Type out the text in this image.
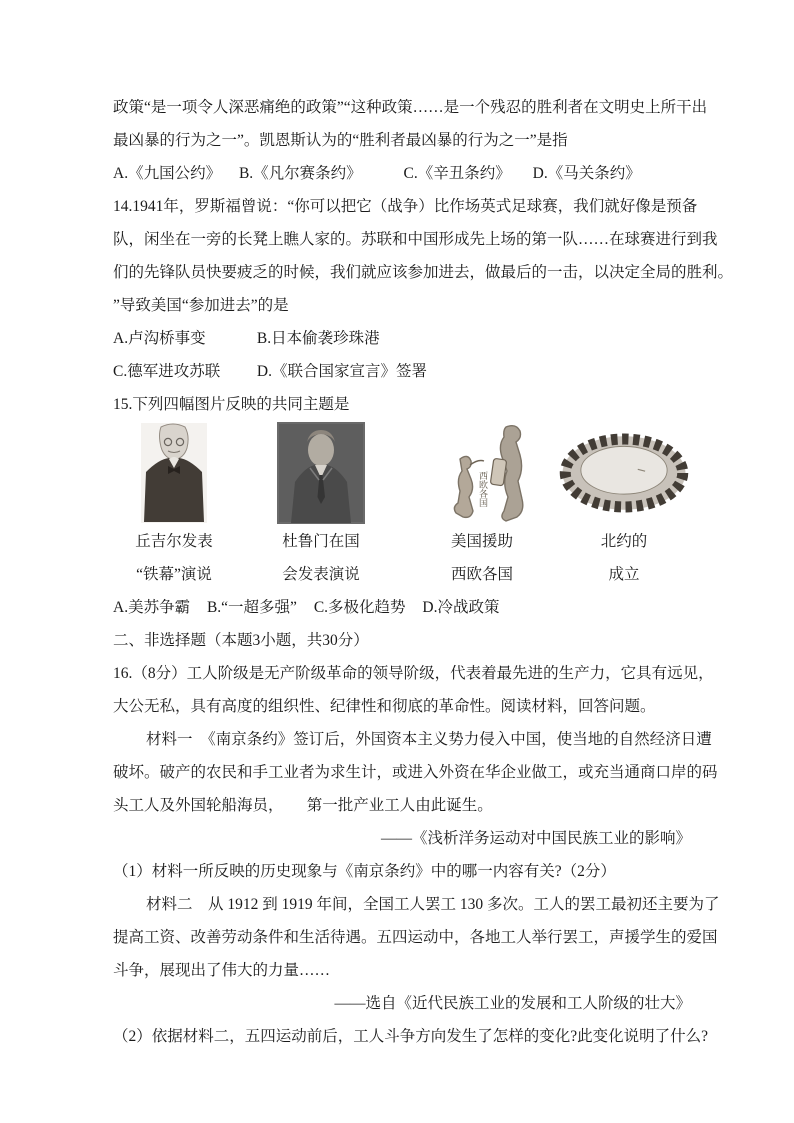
政策“是一项令人深恶痛绝的政策”“这种政策……是一个残忍的胜利者在文明史上所干出
最凶暴的行为之一”。凯恩斯认为的“胜利者最凶暴的行为之一”是指
A.《九国公约》 B.《凡尔赛条约》	C.《辛丑条约》 D.《马关条约》
14.1941年，罗斯福曾说：“你可以把它（战争）比作场英式足球赛，我们就好像是预备
队，闲坐在一旁的长凳上瞧人家的。苏联和中国形成先上场的第一队……在球赛进行到我
们的先锋队员快要疲乏的时候，我们就应该参加进去，做最后的一击，以决定全局的胜利。
”导致美国“参加进去”的是
A.卢沟桥事变	B.日本偷袭珍珠港
C.德军进攻苏联 D.《联合国家宣言》签署
15.下列四幅图片反映的共同主题是
西欧各国
丘吉尔发表	杜鲁门在国	美国援助	北约的
“铁幕”演说	会发表演说	西欧各国	成立
A.美苏争霸 B.“一超多强” C.多极化趋势 D.冷战政策
二、非选择题（本题3小题，共30分）
16.（8分）工人阶级是无产阶级革命的领导阶级，代表着最先进的生产力，它具有远见，
大公无私，具有高度的组织性、纪律性和彻底的革命性。阅读材料，回答问题。
材料一　《南京条约》签订后，外国资本主义势力侵入中国，使当地的自然经济日遭
破坏。破产的农民和手工业者为求生计，或进入外资在华企业做工，或充当通商口岸的码
头工人及外国轮船海员，　　第一批产业工人由此诞生。
——《浅析洋务运动对中国民族工业的影响》
（1）材料一所反映的历史现象与《南京条约》中的哪一内容有关?（2分）
材料二　从 1912 到 1919 年间，全国工人罢工 130 多次。工人的罢工最初还主要为了
提高工资、改善劳动条件和生活待遇。五四运动中，各地工人举行罢工，声援学生的爱国
斗争，展现出了伟大的力量……
——选自《近代民族工业的发展和工人阶级的壮大》
（2）依据材料二，五四运动前后，工人斗争方向发生了怎样的变化?此变化说明了什么?
